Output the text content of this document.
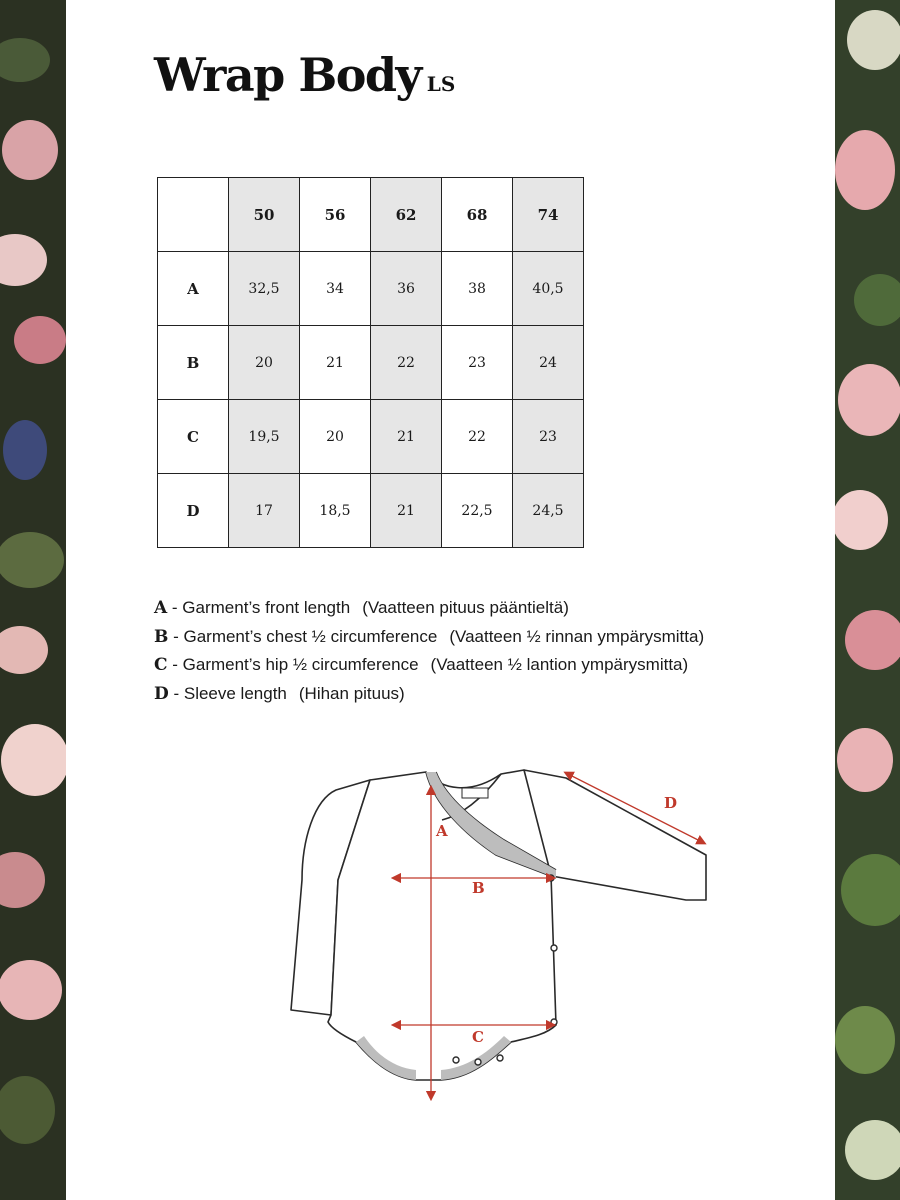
Wrap Body LS
	50	56	62	68	74
A	32,5	34	36	38	40,5
B	20	21	22	23	24
C	19,5	20	21	22	23
D	17	18,5	21	22,5	24,5
A - Garment’s front length (Vaatteen pituus pääntieltä)
B - Garment’s chest ½ circumference (Vaatteen ½ rinnan ympärysmitta)
C - Garment’s hip ½ circumference (Vaatteen ½ lantion ympärysmitta)
D - Sleeve length (Hihan pituus)
A
B
C
D
